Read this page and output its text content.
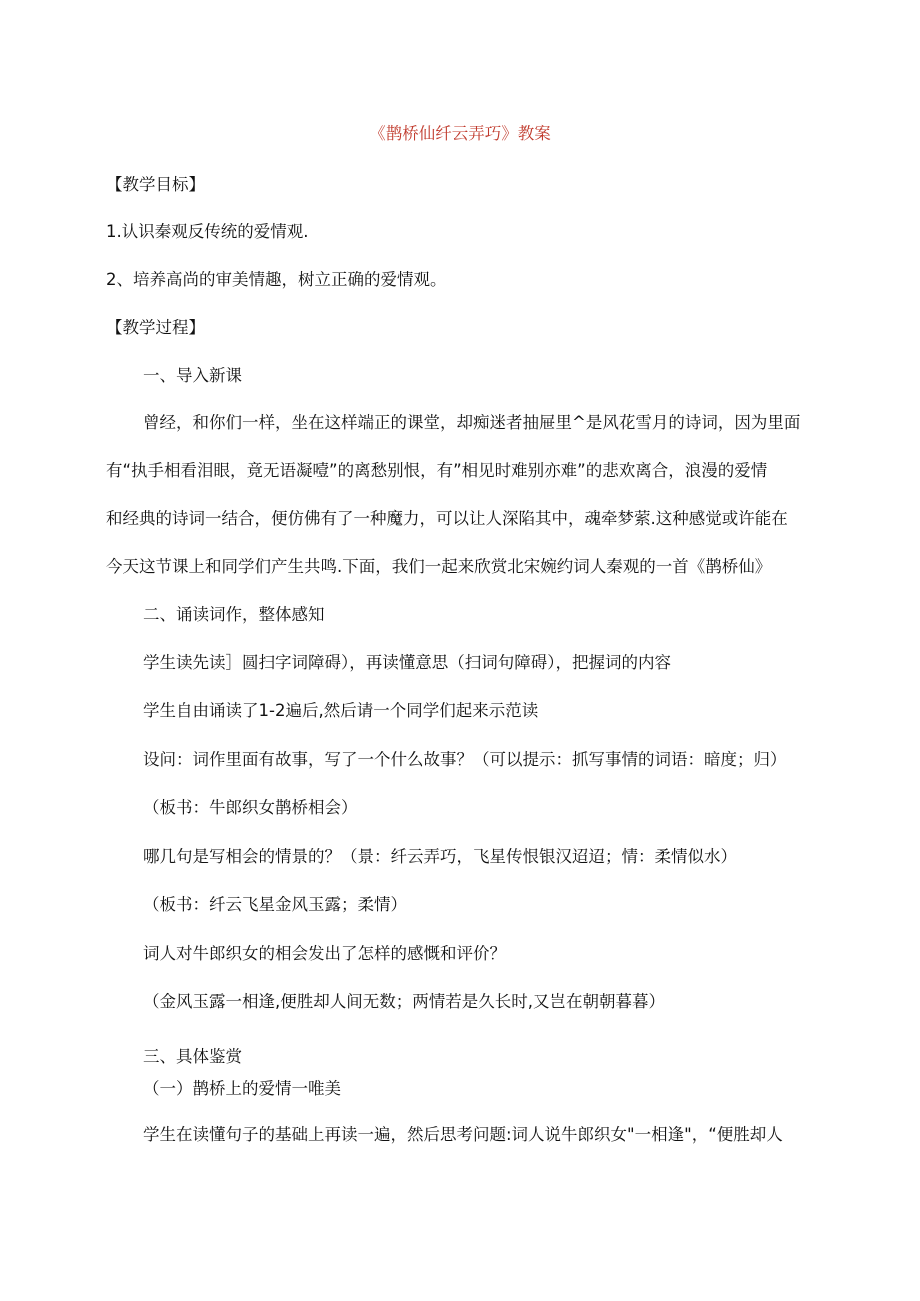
《鹊桥仙纤云弄巧》教案
【教学目标】
1.认识秦观反传统的爱情观.
2、培养高尚的审美情趣，树立正确的爱情观。
【教学过程】
一、导入新课
曾经，和你们一样，坐在这样端正的课堂，却痴迷者抽屉里^是风花雪月的诗词，因为里面
有“执手相看泪眼，竟无语凝噎”的离愁别恨，有”相见时难别亦难”的悲欢离合，浪漫的爱情
和经典的诗词一结合，便仿佛有了一种魔力，可以让人深陷其中，魂牵梦萦.这种感觉或许能在
今天这节课上和同学们产生共鸣.下面，我们一起来欣赏北宋婉约词人秦观的一首《鹊桥仙》
二、诵读词作，整体感知
学生读先读］圆扫字词障碍），再读懂意思（扫词句障碍），把握词的内容
学生自由诵读了1-2遍后,然后请一个同学们起来示范读
设问：词作里面有故事，写了一个什么故事？（可以提示：抓写事情的词语：暗度；归）
（板书：牛郎织女鹊桥相会）
哪几句是写相会的情景的？（景：纤云弄巧，飞星传恨银汉迢迢；情：柔情似水）
（板书：纤云飞星金风玉露；柔情）
词人对牛郎织女的相会发出了怎样的感慨和评价？
（金风玉露一相逢,便胜却人间无数；两情若是久长时,又岂在朝朝暮暮）
三、具体鉴赏
（一）鹊桥上的爱情一唯美
学生在读懂句子的基础上再读一遍，然后思考问题:词人说牛郎织女"一相逢"，“便胜却人
